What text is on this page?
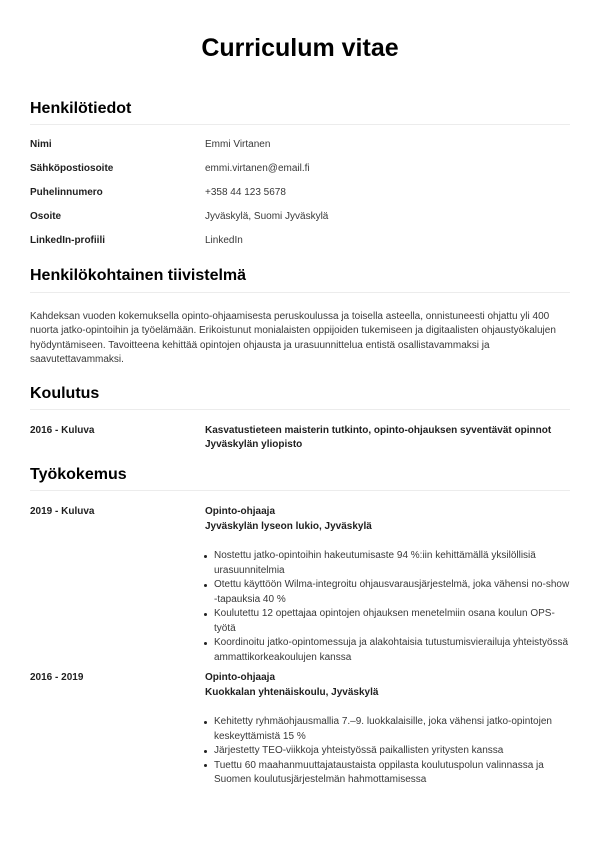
Curriculum vitae
Henkilötiedot
Nimi	Emmi Virtanen
Sähköpostiosoite	emmi.virtanen@email.fi
Puhelinnumero	+358 44 123 5678
Osoite	Jyväskylä, Suomi Jyväskylä
LinkedIn-profiili	LinkedIn
Henkilökohtainen tiivistelmä

Kahdeksan vuoden kokemuksella opinto-ohjaamisesta peruskoulussa ja toisella asteella, onnistuneesti ohjattu yli 400 nuorta jatko-opintoihin ja työelämään. Erikoistunut monialaisten oppijoiden tukemiseen ja digitaalisten ohjaustyökalujen hyödyntämiseen. Tavoitteena kehittää opintojen ohjausta ja urasuunnittelua entistä osallistavammaksi ja saavutettavammaksi.

Koulutus
2016 - Kuluva	Kasvatustieteen maisterin tutkinto, opinto-ohjauksen syventävät opinnot
Jyväskylän yliopisto
Työkokemus
2019 - Kuluva	Opinto-ohjaaja
Jyväskylän lyseon lukio, Jyväskylä
Nostettu jatko-opintoihin hakeutumisaste 94 %:iin kehittämällä yksilöllisiä urasuunnitelmia
Otettu käyttöön Wilma-integroitu ohjausvarausjärjestelmä, joka vähensi no-show -tapauksia 40 %
Koulutettu 12 opettajaa opintojen ohjauksen menetelmiin osana koulun OPS-työtä
Koordinoitu jatko-opintomessuja ja alakohtaisia tutustumisvierailuja yhteistyössä ammattikorkeakoulujen kanssa
2016 - 2019	Opinto-ohjaaja
Kuokkalan yhtenäiskoulu, Jyväskylä
Kehitetty ryhmäohjausmallia 7.–9. luokkalaisille, joka vähensi jatko-opintojen keskeyttämistä 15 %
Järjestetty TEO-viikkoja yhteistyössä paikallisten yritysten kanssa
Tuettu 60 maahanmuuttajataustaista oppilasta koulutuspolun valinnassa ja Suomen koulutusjärjestelmän hahmottamisessa
